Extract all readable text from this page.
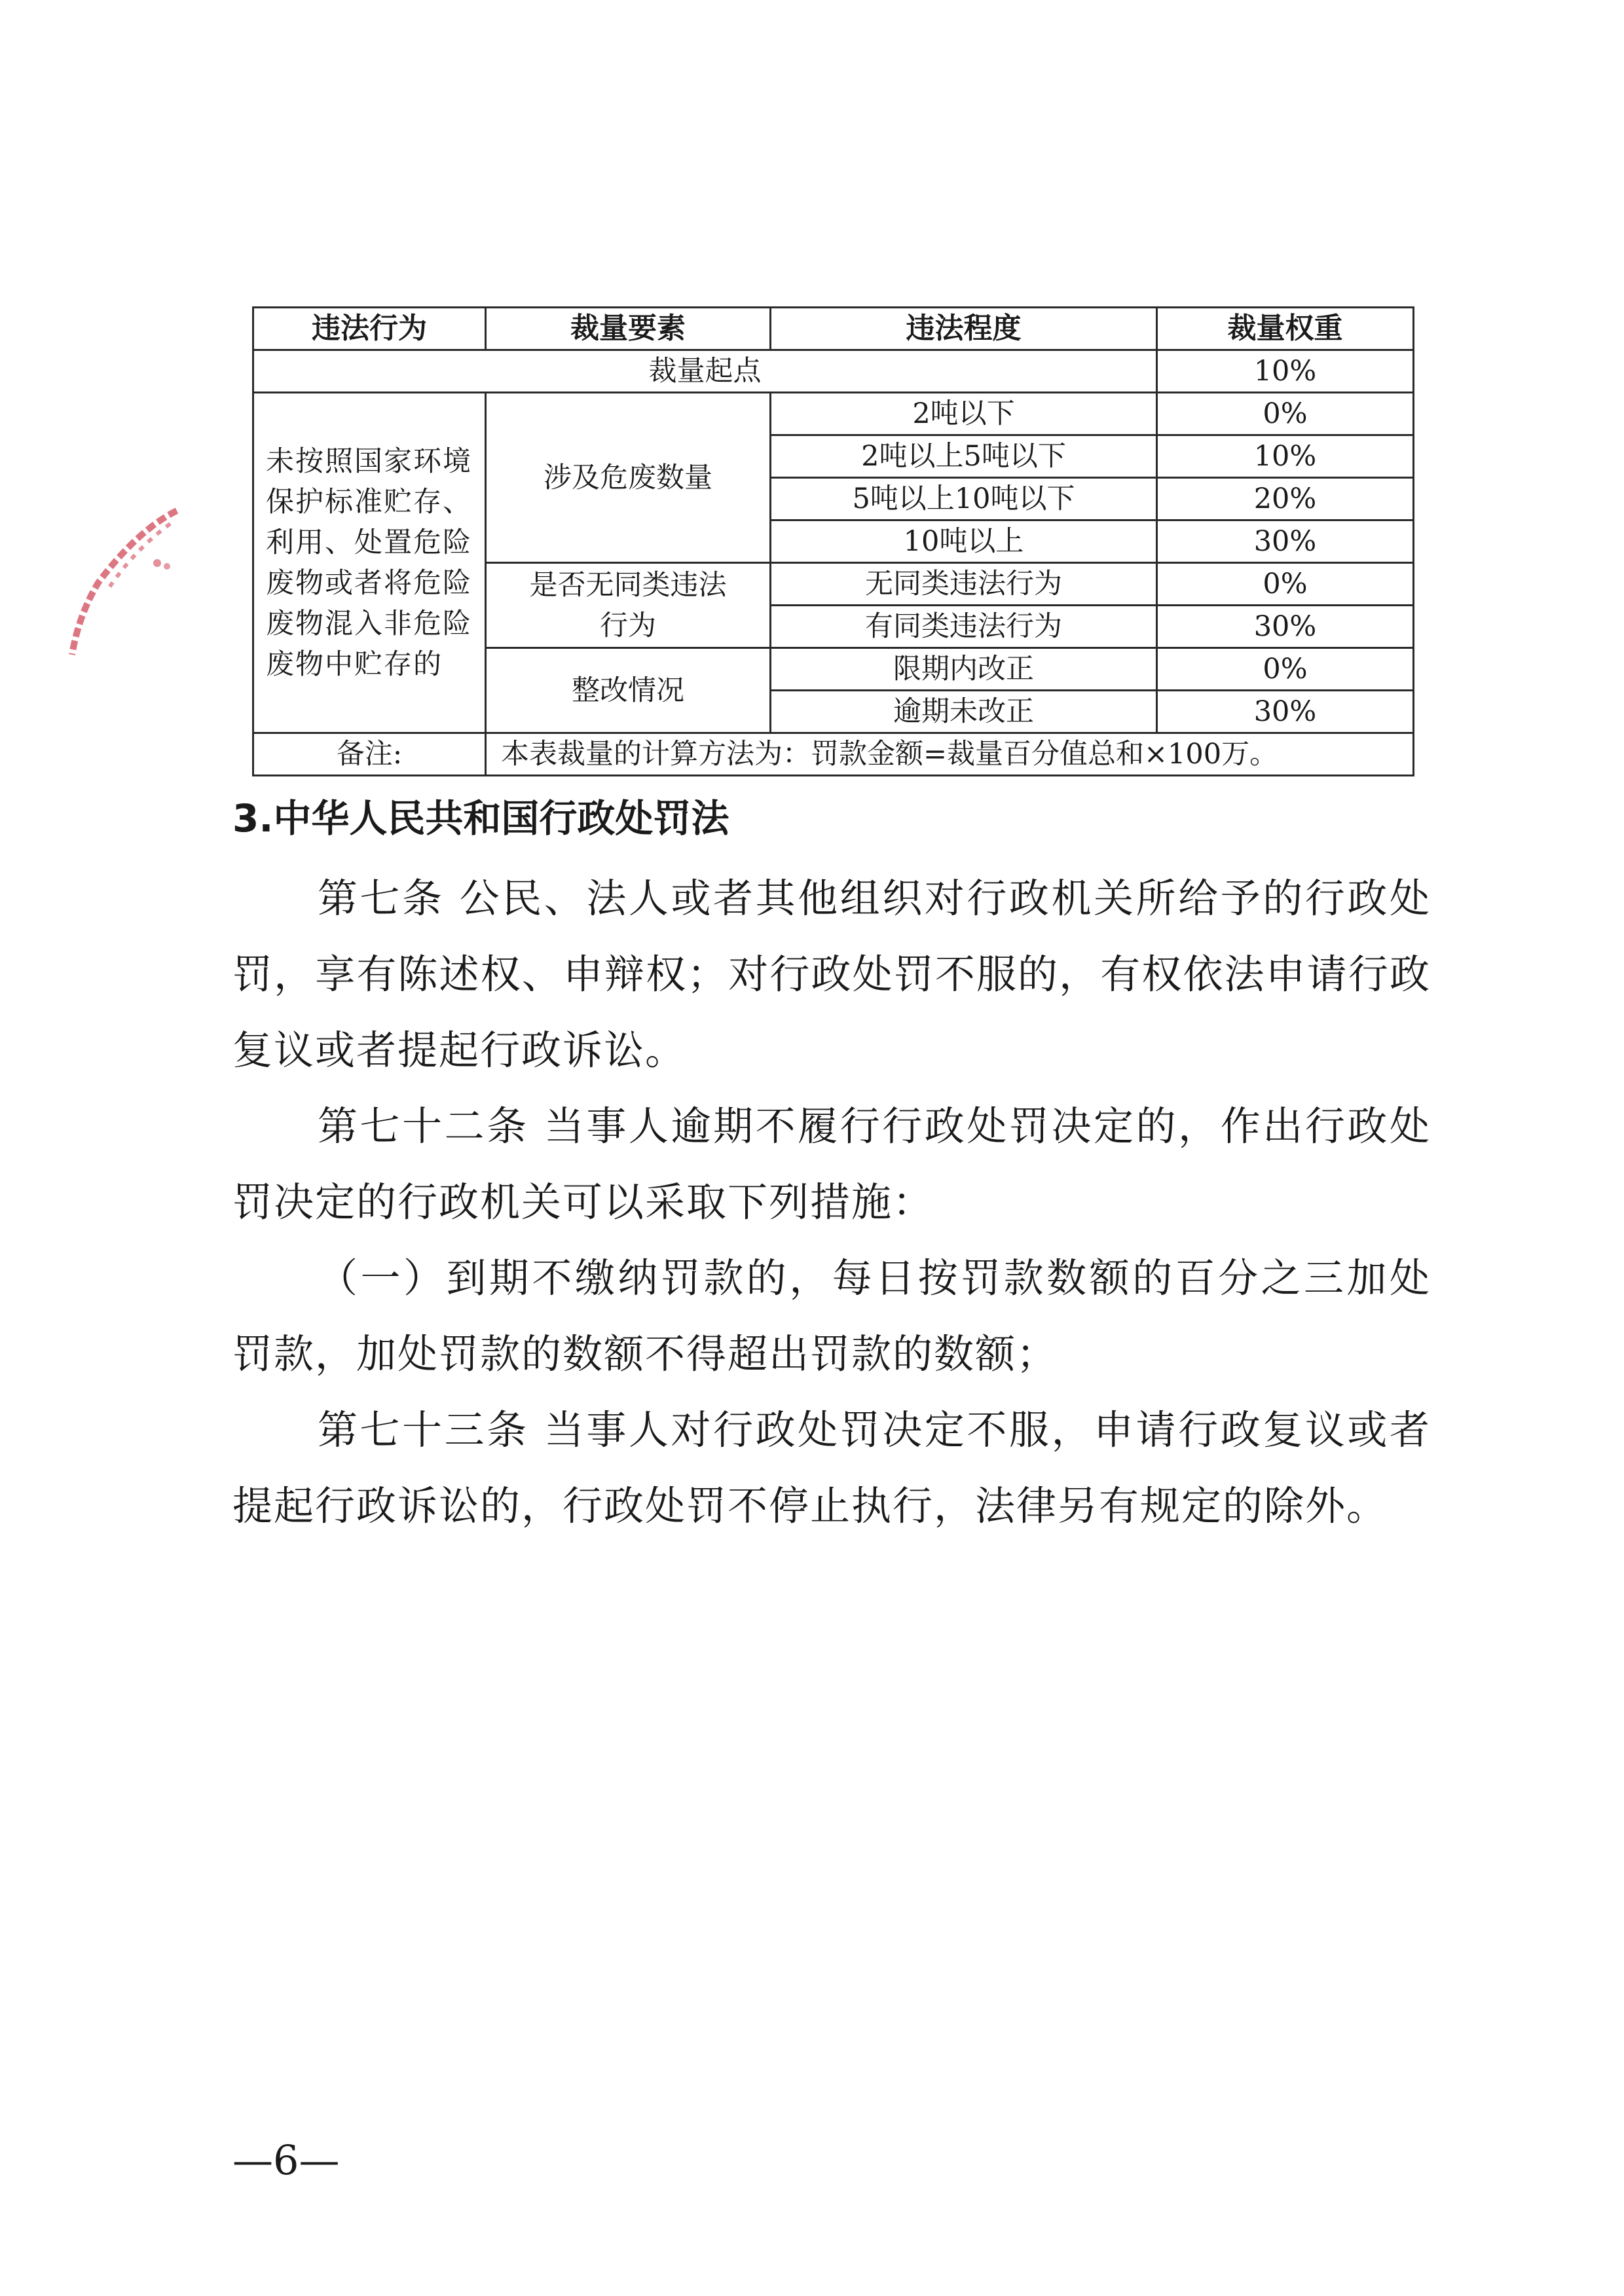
违法行为	裁量要素	违法程度	裁量权重
裁量起点			10%
未按照国家环境保护标准贮存、利用、处置危险废物或者将危险废物混入非危险废物中贮存的	涉及危废数量	2吨以下	0%
		2吨以上5吨以下	10%
		5吨以上10吨以下	20%
		10吨以上	30%
	是否无同类违法行为	无同类违法行为	0%
		有同类违法行为	30%
	整改情况	限期内改正	0%
		逾期未改正	30%
备注:	本表裁量的计算方法为：罚款金额=裁量百分值总和×100万。		
3.中华人民共和国行政处罚法

第七条 公民、法人或者其他组织对行政机关所给予的行政处罚，享有陈述权、申辩权；对行政处罚不服的，有权依法申请行政复议或者提起行政诉讼。

第七十二条 当事人逾期不履行行政处罚决定的，作出行政处罚决定的行政机关可以采取下列措施：

（一）到期不缴纳罚款的，每日按罚款数额的百分之三加处罚款，加处罚款的数额不得超出罚款的数额；

第七十三条 当事人对行政处罚决定不服，申请行政复议或者提起行政诉讼的，行政处罚不停止执行，法律另有规定的除外。

—6—
